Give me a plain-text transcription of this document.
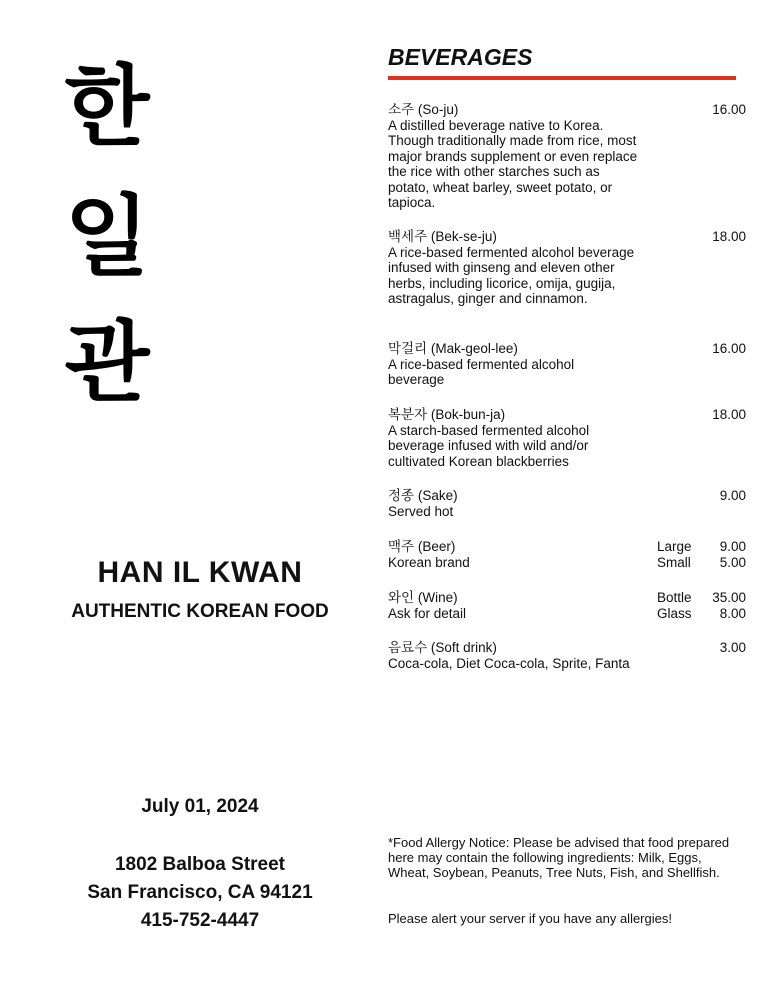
한
일
관
HAN IL KWAN
AUTHENTIC KOREAN FOOD
July 01, 2024
1802 Balboa Street
San Francisco, CA 94121
415-752-4447
BEVERAGES
소주 (So-ju)
A distilled beverage native to Korea. Though traditionally made from rice, most major brands supplement or even replace the rice with other starches such as potato, wheat barley, sweet potato, or tapioca.
16.00
백세주 (Bek-se-ju)
A rice-based fermented alcohol beverage infused with ginseng and eleven other herbs, including licorice, omija, gugija, astragalus, ginger and cinnamon.
18.00
막걸리 (Mak-geol-lee)
A rice-based fermented alcohol beverage
16.00
복분자 (Bok-bun-ja)
A starch-based fermented alcohol beverage infused with wild and/or cultivated Korean blackberries
18.00
정종 (Sake)
Served hot
9.00
맥주 (Beer)
Korean brand
Large
Small
9.00
5.00
와인 (Wine)
Ask for detail
Bottle
Glass
35.00
8.00
음료수 (Soft drink)
Coca-cola, Diet Coca-cola, Sprite, Fanta
3.00
*Food Allergy Notice: Please be advised that food prepared here may contain the following ingredients: Milk, Eggs, Wheat, Soybean, Peanuts, Tree Nuts, Fish, and Shellfish.
Please alert your server if you have any allergies!
